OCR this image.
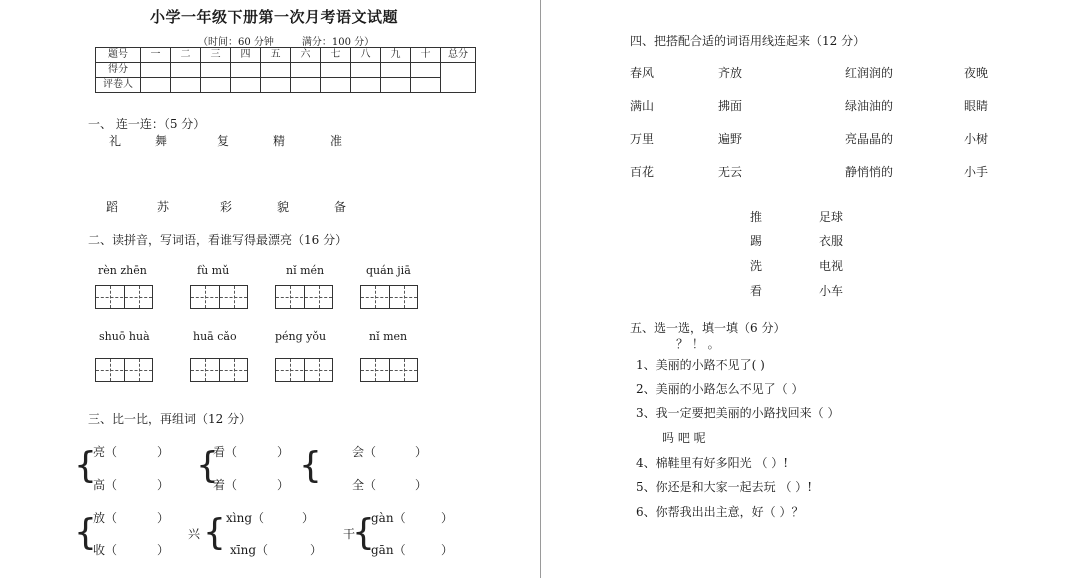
小学一年级下册第一次月考语文试题
（时间：60 分钟	满分：100 分）
题号	一	二	三	四	五	六	七	八	九	十	总分
得分											
评卷人											
一、 连一连：（5 分）
礼	舞	复	精	准
蹈	苏	彩	貌	备
二、读拼音，写词语，看谁写得最漂亮（16 分）
rèn zhēn	fù mǔ	nǐ mén	quán jiā
shuō huà	huā cǎo	péng yǒu	nǐ men
三、比一比，再组词（12 分）
{
亮（	）
高（	） {
看（	）
着（	） {	会（	）
全（	）
{
放（	）
收（	）
兴 { xìng（	）
xīng（	）
干
{
gàn（	）
gān（	）
四、把搭配合适的词语用线连起来（12 分）
春风	齐放	红润润的	夜晚
满山	拂面	绿油油的	眼睛
万里	遍野	亮晶晶的	小树
百花	无云	静悄悄的	小手
推	足球
踢	衣服
洗	电视
看	小车
五、选一选，填一填（6 分）
？ ！ 。
1、美丽的小路不见了( )
2、美丽的小路怎么不见了（ ）
3、我一定要把美丽的小路找回来（ ）
吗 吧 呢
4、棉鞋里有好多阳光 （ ）!
5、你还是和大家一起去玩 （ ）!
6、你帮我出出主意，好（ ）？
